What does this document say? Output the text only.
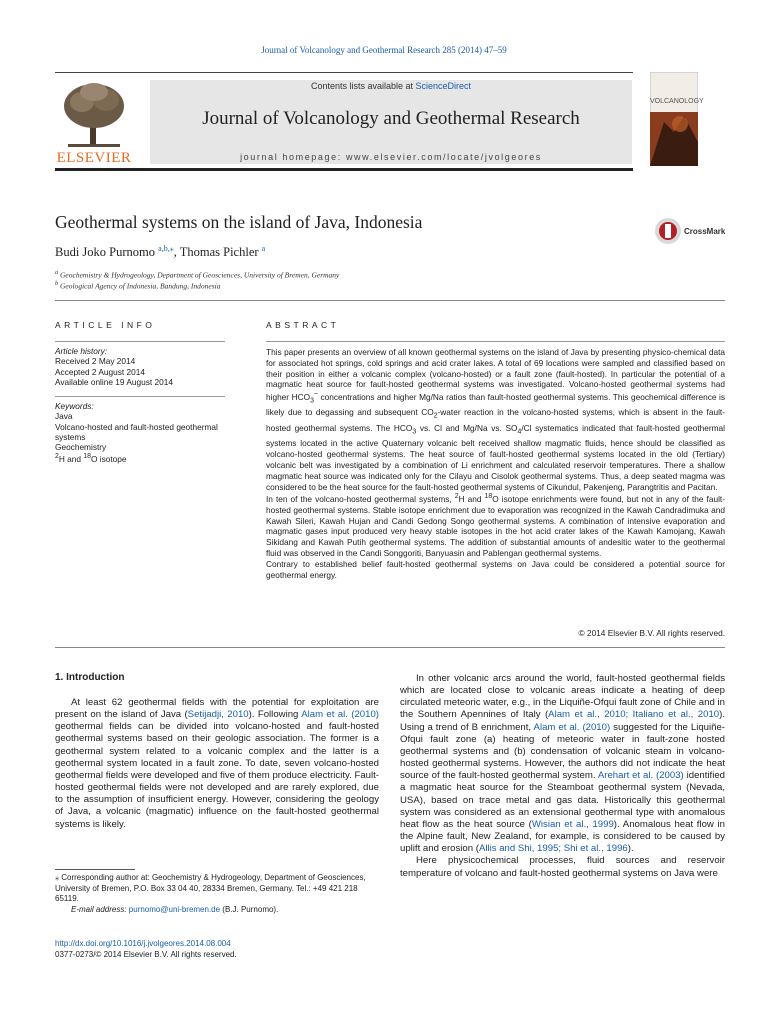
Journal of Volcanology and Geothermal Research 285 (2014) 47–59
ELSEVIER
Contents lists available at ScienceDirect
Journal of Volcanology and Geothermal Research
journal homepage: www.elsevier.com/locate/jvolgeores
VOLCANOLOGY
Geothermal systems on the island of Java, Indonesia	CrossMark
Budi Joko Purnomo $^{a,b,⁎}$, Thomas Pichler $^a$
$^a$ Geochemistry & Hydrogeology, Department of Geosciences, University of Bremen, Germany
$^b$ Geological Agency of Indonesia, Bandung, Indonesia
ARTICLE INFO
Article history:
Received 2 May 2014
Accepted 2 August 2014
Available online 19 August 2014
Keywords:
Java
Volcano-hosted and fault-hosted geothermal systems
Geochemistry
$^2$H and $^{18}$O isotope
ABSTRACT

This paper presents an overview of all known geothermal systems on the island of Java by presenting physico-chemical data for associated hot springs, cold springs and acid crater lakes. A total of 69 locations were sampled and classified based on their position in either a volcanic complex (volcano-hosted) or a fault zone (fault-hosted). In particular the potential of a magmatic heat source for fault-hosted geothermal systems was investigated. Volcano-hosted geothermal systems had higher $HCO_3^-$ concentrations and higher Mg/Na ratios than fault-hosted geothermal systems. This geochemical difference is likely due to degassing and subsequent $CO_2$-water reaction in the volcano-hosted systems, which is absent in the fault-hosted geothermal systems. The $HCO_3$ vs. Cl and Mg/Na vs. $SO_4/Cl$ systematics indicated that fault-hosted geothermal systems located in the active Quaternary volcanic belt received shallow magmatic fluids, hence should be classified as volcano-hosted geothermal systems. The heat source of fault-hosted geothermal systems located in the old (Tertiary) volcanic belt was investigated by a combination of Li enrichment and calculated reservoir temperatures. There a shallow magmatic heat source was indicated only for the Cilayu and Cisolok geothermal systems. Thus, a deep seated magma was considered to be the heat source for the fault-hosted geothermal systems of Cikundul, Pakenjeng, Parangtritis and Pacitan.

In ten of the volcano-hosted geothermal systems, $^2$H and $^{18}$O isotope enrichments were found, but not in any of the fault-hosted geothermal systems. Stable isotope enrichment due to evaporation was recognized in the Kawah Candradimuka and Kawah Sileri, Kawah Hujan and Candi Gedong Songo geothermal systems. A combination of intensive evaporation and magmatic gases input produced very heavy stable isotopes in the hot acid crater lakes of the Kawah Kamojang, Kawah Sikidang and Kawah Putih geothermal systems. The addition of substantial amounts of andesitic water to the geothermal fluid was observed in the Candi Songgoriti, Banyuasin and Pablengan geothermal systems.

Contrary to established belief fault-hosted geothermal systems on Java could be considered a potential source for geothermal energy.

© 2014 Elsevier B.V. All rights reserved.
1. Introduction

At least 62 geothermal fields with the potential for exploitation are present on the island of Java (Setijadji, 2010). Following Alam et al. (2010) geothermal fields can be divided into volcano-hosted and fault-hosted geothermal systems based on their geologic association. The former is a geothermal system related to a volcanic complex and the latter is a geothermal system located in a fault zone. To date, seven volcano-hosted geothermal fields were developed and five of them produce electricity. Fault-hosted geothermal fields were not developed and are rarely explored, due to the assumption of insufficient energy. However, considering the geology of Java, a volcanic (magmatic) influence on the fault-hosted geothermal systems is likely.

In other volcanic arcs around the world, fault-hosted geothermal fields which are located close to volcanic areas indicate a heating of deep circulated meteoric water, e.g., in the Liquiñe-Ofqui fault zone of Chile and in the Southern Apennines of Italy (Alam et al., 2010; Italiano et al., 2010). Using a trend of B enrichment, Alam et al. (2010) suggested for the Liquiñe-Ofqui fault zone (a) heating of meteoric water in fault-zone hosted geothermal systems and (b) condensation of volcanic steam in volcano-hosted geothermal systems. However, the authors did not indicate the heat source of the fault-hosted geothermal system. Arehart et al. (2003) identified a magmatic heat source for the Steamboat geothermal system (Nevada, USA), based on trace metal and gas data. Historically this geothermal system was considered as an extensional geothermal type with anomalous heat flow as the heat source (Wisian et al., 1999). Anomalous heat flow in the Alpine fault, New Zealand, for example, is considered to be caused by uplift and erosion (Allis and Shi, 1995; Shi et al., 1996).

Here physicochemical processes, fluid sources and reservoir temperature of volcano and fault-hosted geothermal systems on Java were

⁎ Corresponding author at: Geochemistry & Hydrogeology, Department of Geosciences, University of Bremen, P.O. Box 33 04 40, 28334 Bremen, Germany. Tel.: +49 421 218 65119.
E-mail address: purnomo@uni-bremen.de (B.J. Purnomo).
http://dx.doi.org/10.1016/j.jvolgeores.2014.08.004
0377-0273/© 2014 Elsevier B.V. All rights reserved.
